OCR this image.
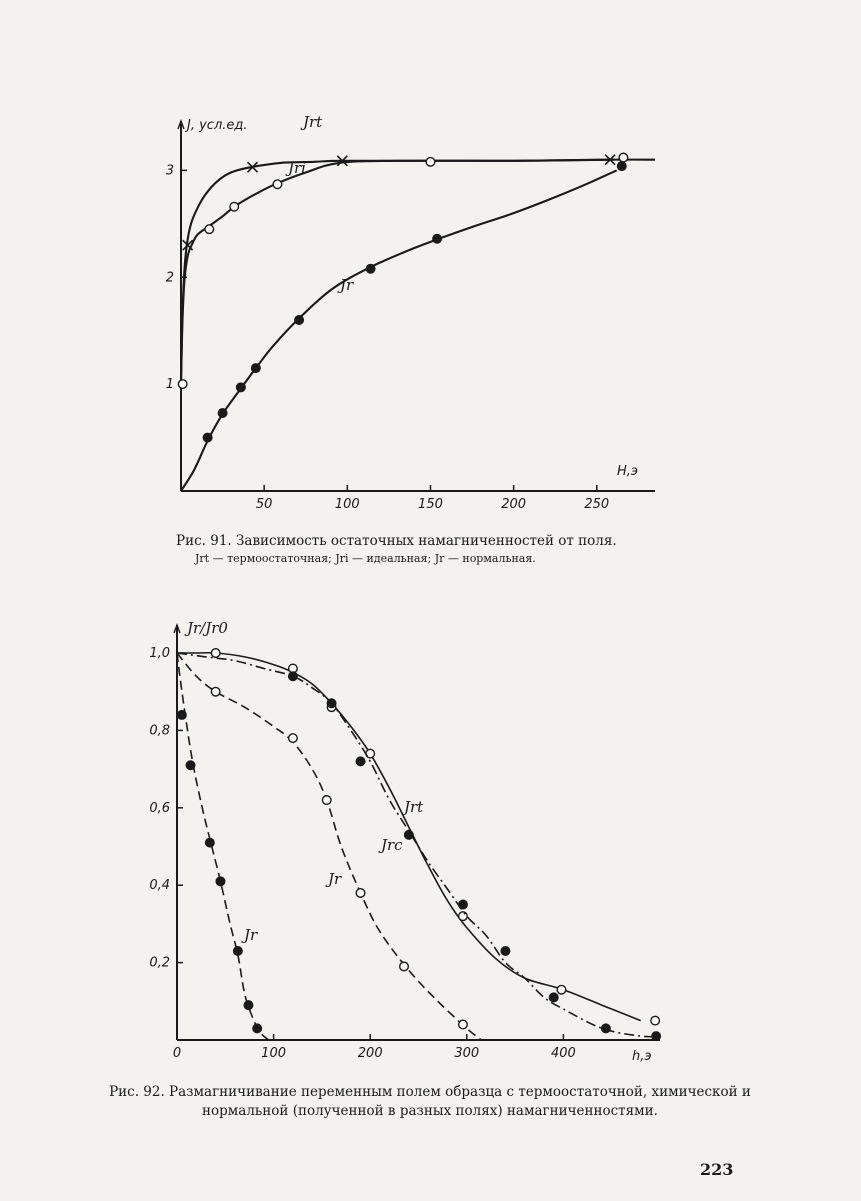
50	100	150	200	250
1
2
3
J, усл.ед.
H,э
Jrt
Jri
Jr

Рис. 91. Зависимость остаточных намагниченностей от поля.

Jrt — термоостаточная; Jri — идеальная; Jr — нормальная.

0	100	200	300	400
0,2
0,4
0,6
0,8
1,0
Jr/Jr0
h,э
Jrt
Jrc
Jr
Jr

Рис. 92. Размагничивание переменным полем образца с термоостаточной, химической и нормальной (полученной в разных полях) намагниченностями.

223
